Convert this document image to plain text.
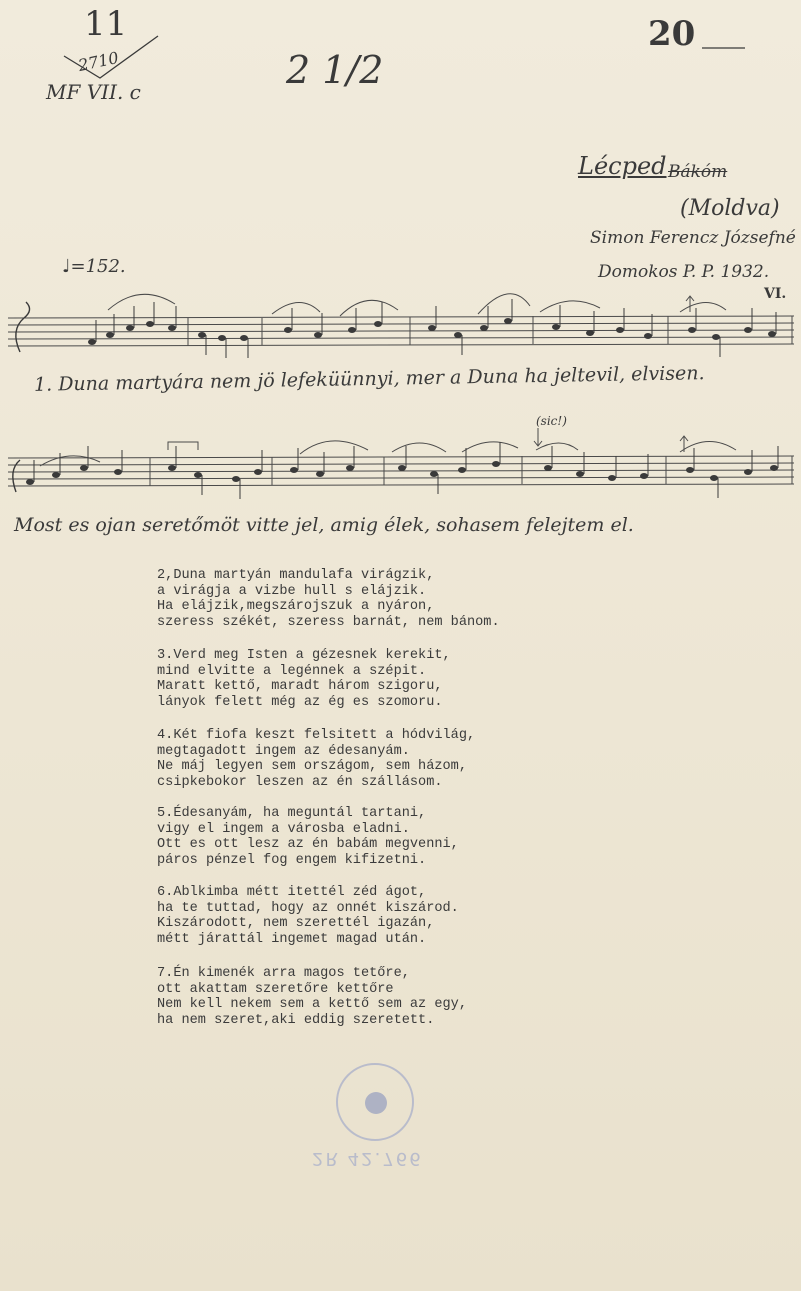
11
2710
MF VII. c	2 1/2
20
♩=152.
Lécped Bákóm
(Moldva)
Simon Ferencz Józsefné
Domokos P. P. 1932.
VI.
1. Duna martyára nem jö lefeküünnyi, mer a Duna ha jeltevil, elvisen.
(sic!)
Most es ojan seretőmöt vitte jel, amig élek, sohasem felejtem el.
2,Duna martyán mandulafa virágzik,
a virágja a vizbe hull s elájzik.
Ha elájzik,megszárojszuk a nyáron,
szeress székét, szeress barnát, nem bánom.
3.Verd meg Isten a gézesnek kerekit,
mind elvitte a legénnek a szépit.
Maratt kettő, maradt három szigoru,
lányok felett még az ég es szomoru.
4.Két fiofa keszt felsitett a hódvilág,
megtagadott ingem az édesanyám.
Ne máj legyen sem országom, sem házom,
csipkebokor leszen az én szállásom.
5.Édesanyám, ha meguntál tartani,
vigy el ingem a városba eladni.
Ott es ott lesz az én babám megvenni,
páros pénzel fog engem kifizetni.
6.Ablkimba métt itettél zéd ágot,
ha te tuttad, hogy az onnét kiszárod.
Kiszárodott, nem szerettél igazán,
métt járattál ingemet magad után.
7.Én kimenék arra magos tetőre,
ott akattam szeretőre kettőre
Nem kell nekem sem a kettő sem az egy,
ha nem szeret,aki eddig szeretett.
2R 42.766
